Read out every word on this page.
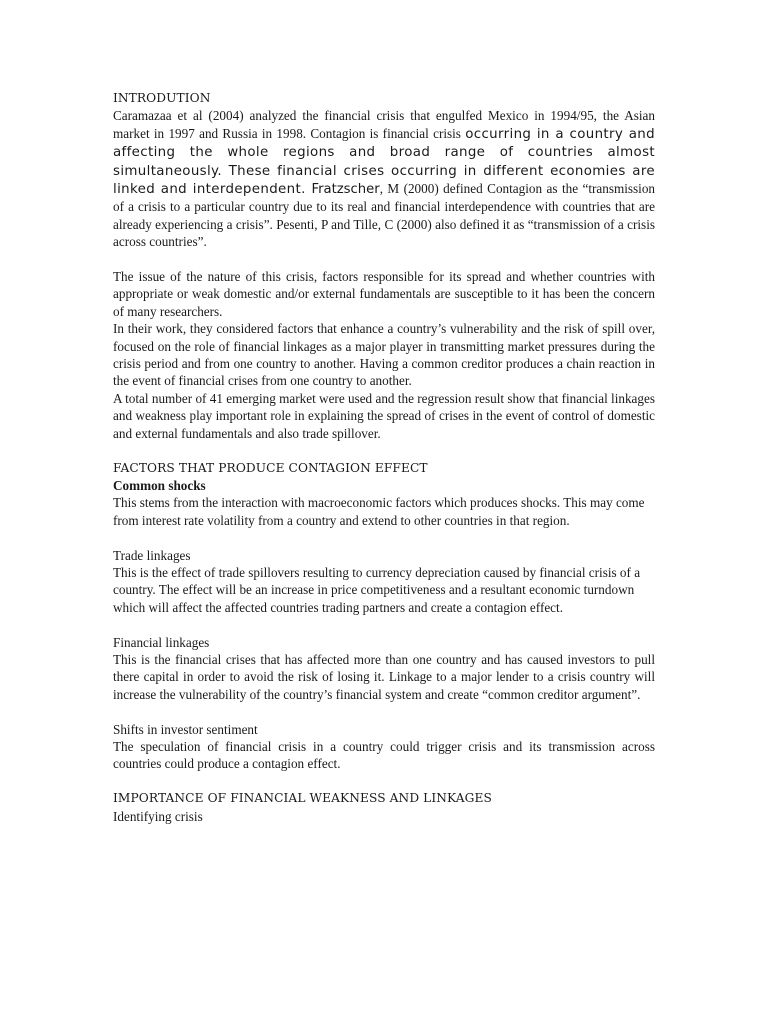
INTRODUTION

Caramazaa et al (2004) analyzed the financial crisis that engulfed Mexico in 1994/95, the Asian market in 1997 and Russia in 1998. Contagion is financial crisis occurring in a country and affecting the whole regions and broad range of countries almost simultaneously. These financial crises occurring in different economies are linked and interdependent. Fratzscher, M (2000) defined Contagion as the “transmission of a crisis to a particular country due to its real and financial interdependence with countries that are already experiencing a crisis”. Pesenti, P and Tille, C (2000) also defined it as “transmission of a crisis across countries”.

The issue of the nature of this crisis, factors responsible for its spread and whether countries with appropriate or weak domestic and/or external fundamentals are susceptible to it has been the concern of many researchers.

In their work, they considered factors that enhance a country’s vulnerability and the risk of spill over, focused on the role of financial linkages as a major player in transmitting market pressures during the crisis period and from one country to another. Having a common creditor produces a chain reaction in the event of financial crises from one country to another.

A total number of 41 emerging market were used and the regression result show that financial linkages and weakness play important role in explaining the spread of crises in the event of control of domestic and external fundamentals and also trade spillover.

FACTORS THAT PRODUCE CONTAGION EFFECT

Common shocks

This stems from the interaction with macroeconomic factors which produces shocks. This may come from interest rate volatility from a country and extend to other countries in that region.

Trade linkages

This is the effect of trade spillovers resulting to currency depreciation caused by financial crisis of a country. The effect will be an increase in price competitiveness and a resultant economic turndown which will affect the affected countries trading partners and create a contagion effect.

Financial linkages

This is the financial crises that has affected more than one country and has caused investors to pull there capital in order to avoid the risk of losing it. Linkage to a major lender to a crisis country will increase the vulnerability of the country’s financial system and create “common creditor argument”.

Shifts in investor sentiment

The speculation of financial crisis in a country could trigger crisis and its transmission across countries could produce a contagion effect.

IMPORTANCE OF FINANCIAL WEAKNESS AND LINKAGES

Identifying crisis
